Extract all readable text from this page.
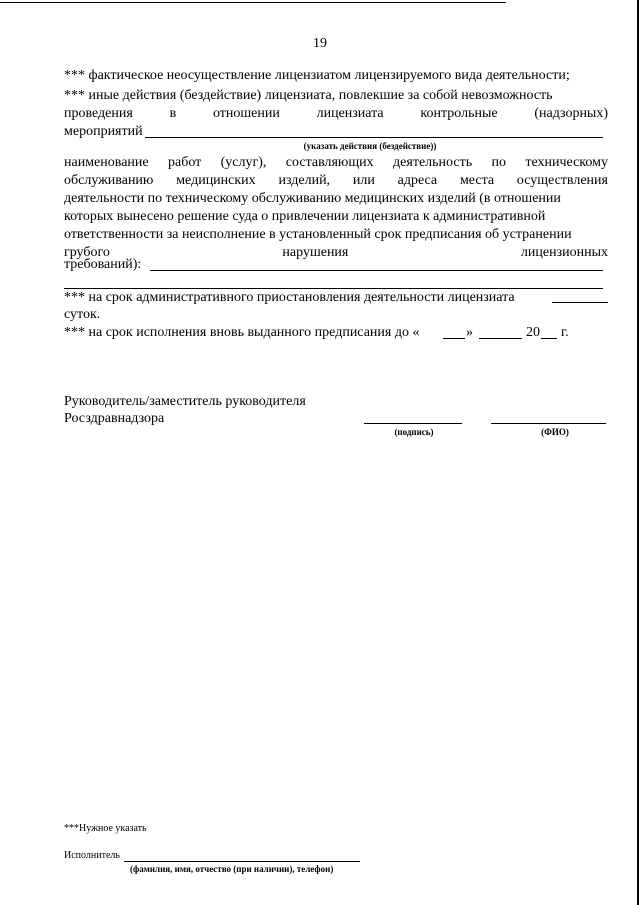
19
*** фактическое неосуществление лицензиатом лицензируемого вида деятельности;
*** иные действия (бездействие) лицензиата, повлекшие за собой невозможность
проведения	в	отношении	лицензиата	контрольные	(надзорных)
мероприятий
(указать действия (бездействие))
наименование работ (услуг), составляющих деятельность по техническому
обслуживанию медицинских изделий, или адреса места осуществления
деятельности по техническому обслуживанию медицинских изделий (в отношении
которых вынесено решение суда о привлечении лицензиата к административной
ответственности за неисполнение в установленный срок предписания об устранении
грубого	нарушения	лицензионных
требований):
*** на срок административного приостановления деятельности лицензиата
суток.
*** на срок исполнения вновь выданного предписания до «	»	20 г.
Руководитель/заместитель руководителя
Росздравнадзора
(подпись)	(ФИО)
***Нужное указать
Исполнитель
(фамилия, имя, отчество (при наличии), телефон)
